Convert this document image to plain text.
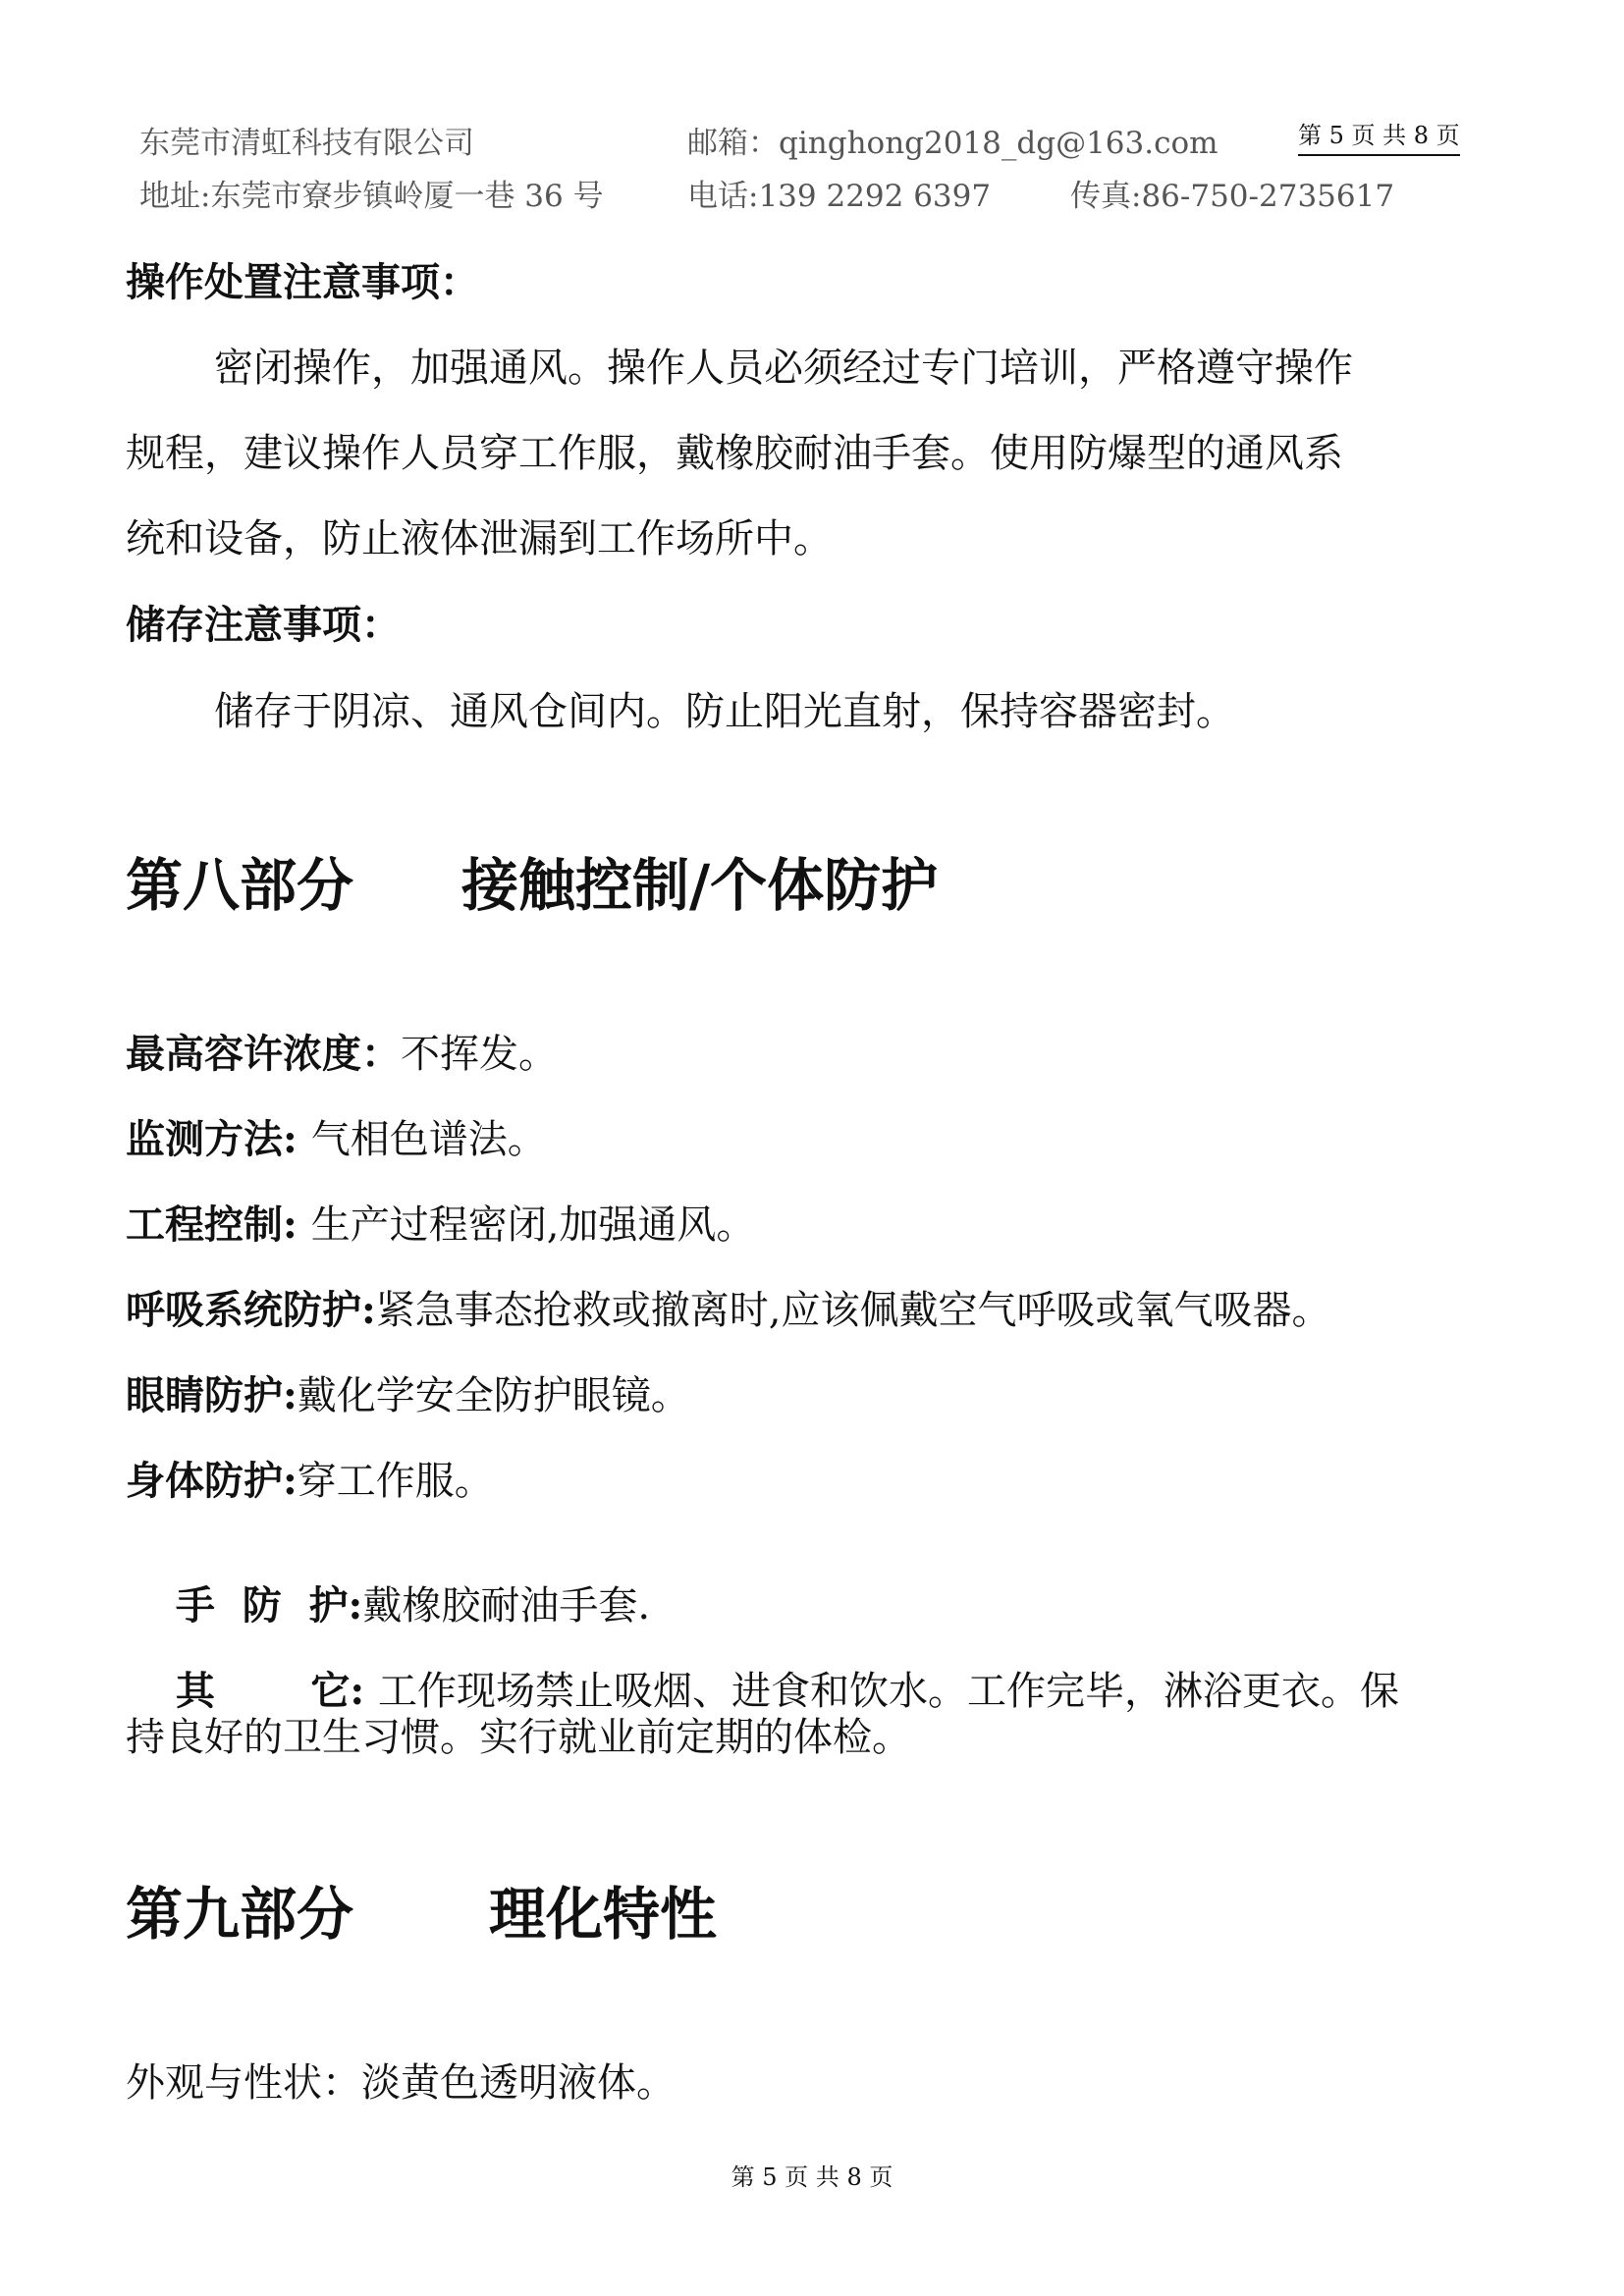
东莞市清虹科技有限公司	邮箱：qinghong2018_dg@163.com	第 5 页 共 8 页
地址:东莞市寮步镇岭厦一巷 36 号	电话:139 2292 6397	传真:86-750-2735617
操作处置注意事项：
密闭操作，加强通风。操作人员必须经过专门培训，严格遵守操作
规程，建议操作人员穿工作服，戴橡胶耐油手套。使用防爆型的通风系
统和设备，防止液体泄漏到工作场所中。
储存注意事项：
储存于阴凉、通风仓间内。防止阳光直射，保持容器密封。
第八部分 接触控制/个体防护
最高容许浓度：不挥发。
监测方法: 气相色谱法。
工程控制: 生产过程密闭,加强通风。
呼吸系统防护:紧急事态抢救或撤离时,应该佩戴空气呼吸或氧气吸器。
眼睛防护:戴化学安全防护眼镜。
身体防护:穿工作服。

手  防  护:戴橡胶耐油手套.

其       它: 工作现场禁止吸烟、进食和饮水。工作完毕，淋浴更衣。保

持良好的卫生习惯。实行就业前定期的体检。
第九部分 理化特性
外观与性状：淡黄色透明液体。
第 5 页 共 8 页
